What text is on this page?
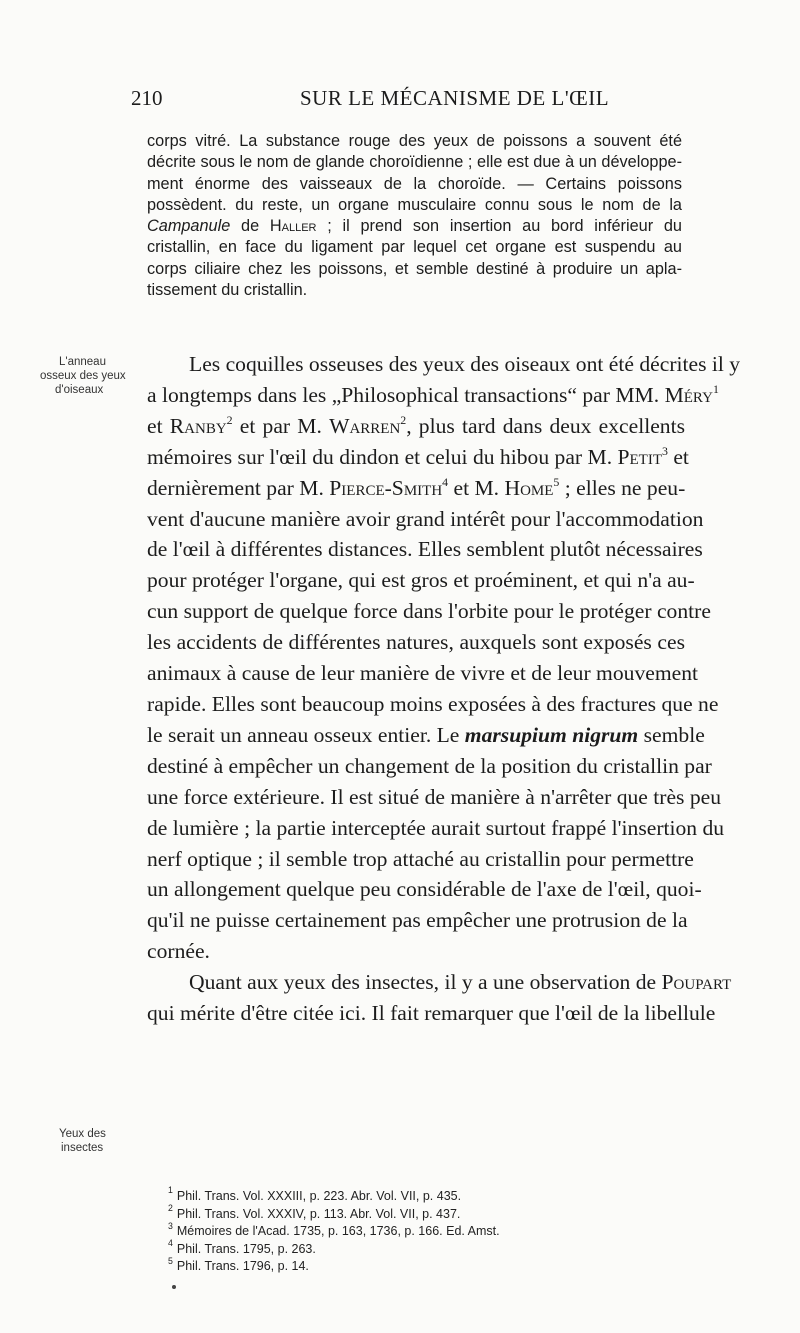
210	SUR LE MÉCANISME DE L'ŒIL

corps vitré. La substance rouge des yeux de poissons a souvent été
décrite sous le nom de glande choroïdienne ; elle est due à un développe-
ment énorme des vaisseaux de la choroïde. — Certains poissons
possèdent. du reste, un organe musculaire connu sous le nom de la
Campanule de Haller ; il prend son insertion au bord inférieur du
cristallin, en face du ligament par lequel cet organe est suspendu au
corps ciliaire chez les poissons, et semble destiné à produire un apla-
tissement du cristallin.

L'anneau
osseux des yeux
d'oiseaux

Les coquilles osseuses des yeux des oiseaux ont été décrites il y
a longtemps dans les „Philosophical transactions“ par MM. Méry$^1$
et Ranby$^2$ et par M. Warren$^2$, plus tard dans deux excellents
mémoires sur l'œil du dindon et celui du hibou par M. Petit$^3$ et
dernièrement par M. Pierce-Smith$^4$ et M. Home$^5$ ; elles ne peu-
vent d'aucune manière avoir grand intérêt pour l'accommodation
de l'œil à différentes distances. Elles semblent plutôt nécessaires
pour protéger l'organe, qui est gros et proéminent, et qui n'a au-
cun support de quelque force dans l'orbite pour le protéger contre
les accidents de différentes natures, auxquels sont exposés ces
animaux à cause de leur manière de vivre et de leur mouvement
rapide. Elles sont beaucoup moins exposées à des fractures que ne
le serait un anneau osseux entier. Le marsupium nigrum semble
destiné à empêcher un changement de la position du cristallin par
une force extérieure. Il est situé de manière à n'arrêter que très peu
de lumière ; la partie interceptée aurait surtout frappé l'insertion du
nerf optique ; il semble trop attaché au cristallin pour permettre
un allongement quelque peu considérable de l'axe de l'œil, quoi-
qu'il ne puisse certainement pas empêcher une protrusion de la
cornée.

Quant aux yeux des insectes, il y a une observation de Poupart
qui mérite d'être citée ici. Il fait remarquer que l'œil de la libellule

Yeux des
insectes
$^1$ Phil. Trans. Vol. XXXIII, p. 223. Abr. Vol. VII, p. 435.
$^2$ Phil. Trans. Vol. XXXIV, p. 113. Abr. Vol. VII, p. 437.
$^3$ Mémoires de l'Acad. 1735, p. 163, 1736, p. 166. Ed. Amst.
$^4$ Phil. Trans. 1795, p. 263.
$^5$ Phil. Trans. 1796, p. 14.
